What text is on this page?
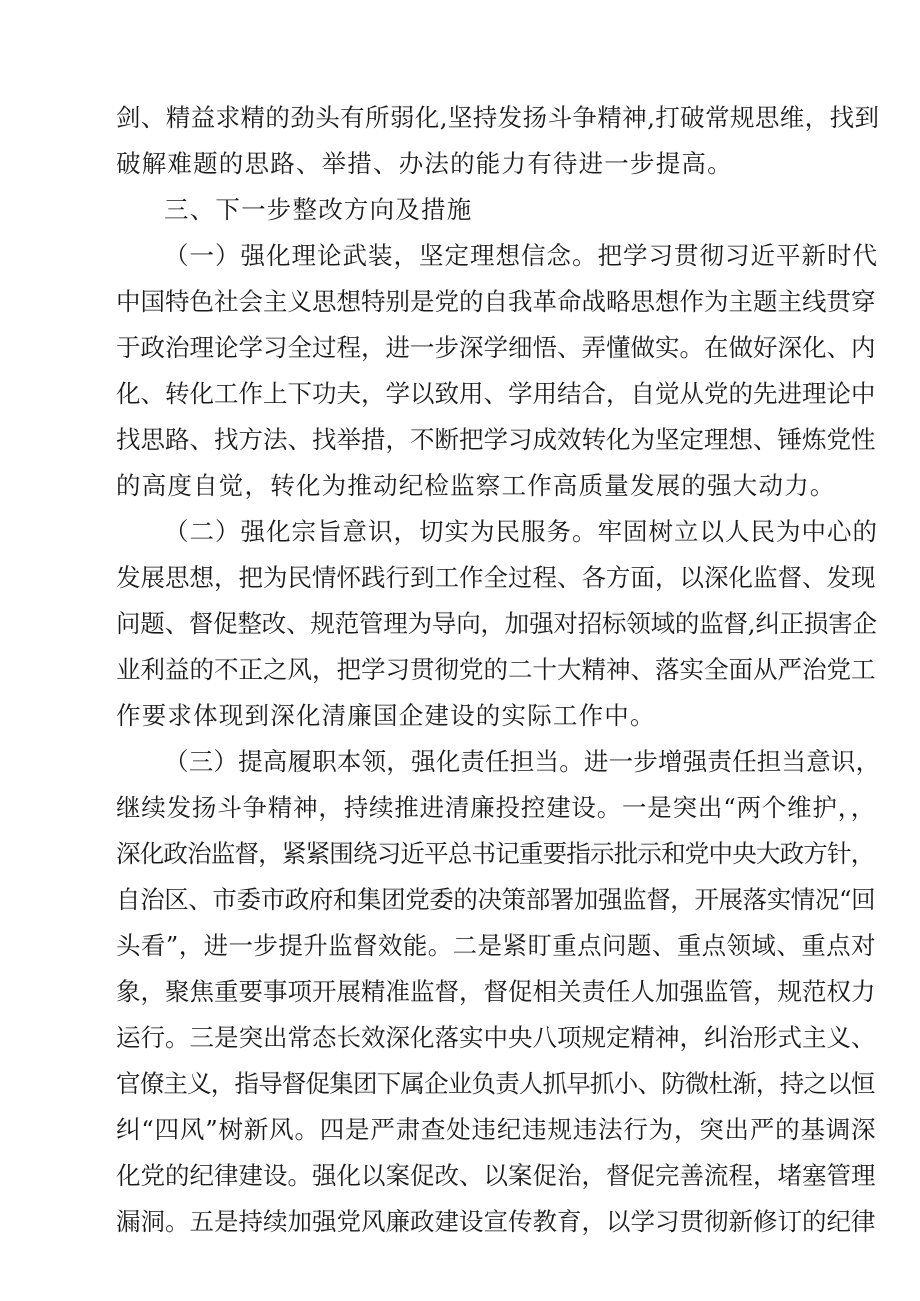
剑、精益求精的劲头有所弱化,坚持发扬斗争精神,打破常规思维，找到
破解难题的思路、举措、办法的能力有待进一步提高。
三、下一步整改方向及措施
（一）强化理论武装，坚定理想信念。把学习贯彻习近平新时代
中国特色社会主义思想特别是党的自我革命战略思想作为主题主线贯穿
于政治理论学习全过程，进一步深学细悟、弄懂做实。在做好深化、内
化、转化工作上下功夫，学以致用、学用结合，自觉从党的先进理论中
找思路、找方法、找举措，不断把学习成效转化为坚定理想、锤炼党性
的高度自觉，转化为推动纪检监察工作高质量发展的强大动力。
（二）强化宗旨意识，切实为民服务。牢固树立以人民为中心的
发展思想，把为民情怀践行到工作全过程、各方面，以深化监督、发现
问题、督促整改、规范管理为导向，加强对招标领域的监督,纠正损害企
业利益的不正之风，把学习贯彻党的二十大精神、落实全面从严治党工
作要求体现到深化清廉国企建设的实际工作中。
（三）提高履职本领，强化责任担当。进一步增强责任担当意识，
继续发扬斗争精神，持续推进清廉投控建设。一是突出“两个维护，，
深化政治监督，紧紧围绕习近平总书记重要指示批示和党中央大政方针，
自治区、市委市政府和集团党委的决策部署加强监督，开展落实情况“回
头看”，进一步提升监督效能。二是紧盯重点问题、重点领域、重点对
象，聚焦重要事项开展精准监督，督促相关责任人加强监管，规范权力
运行。三是突出常态长效深化落实中央八项规定精神，纠治形式主义、
官僚主义，指导督促集团下属企业负责人抓早抓小、防微杜渐，持之以恒
纠“四风”树新风。四是严肃查处违纪违规违法行为，突出严的基调深
化党的纪律建设。强化以案促改、以案促治，督促完善流程，堵塞管理
漏洞。五是持续加强党风廉政建设宣传教育，以学习贯彻新修订的纪律
